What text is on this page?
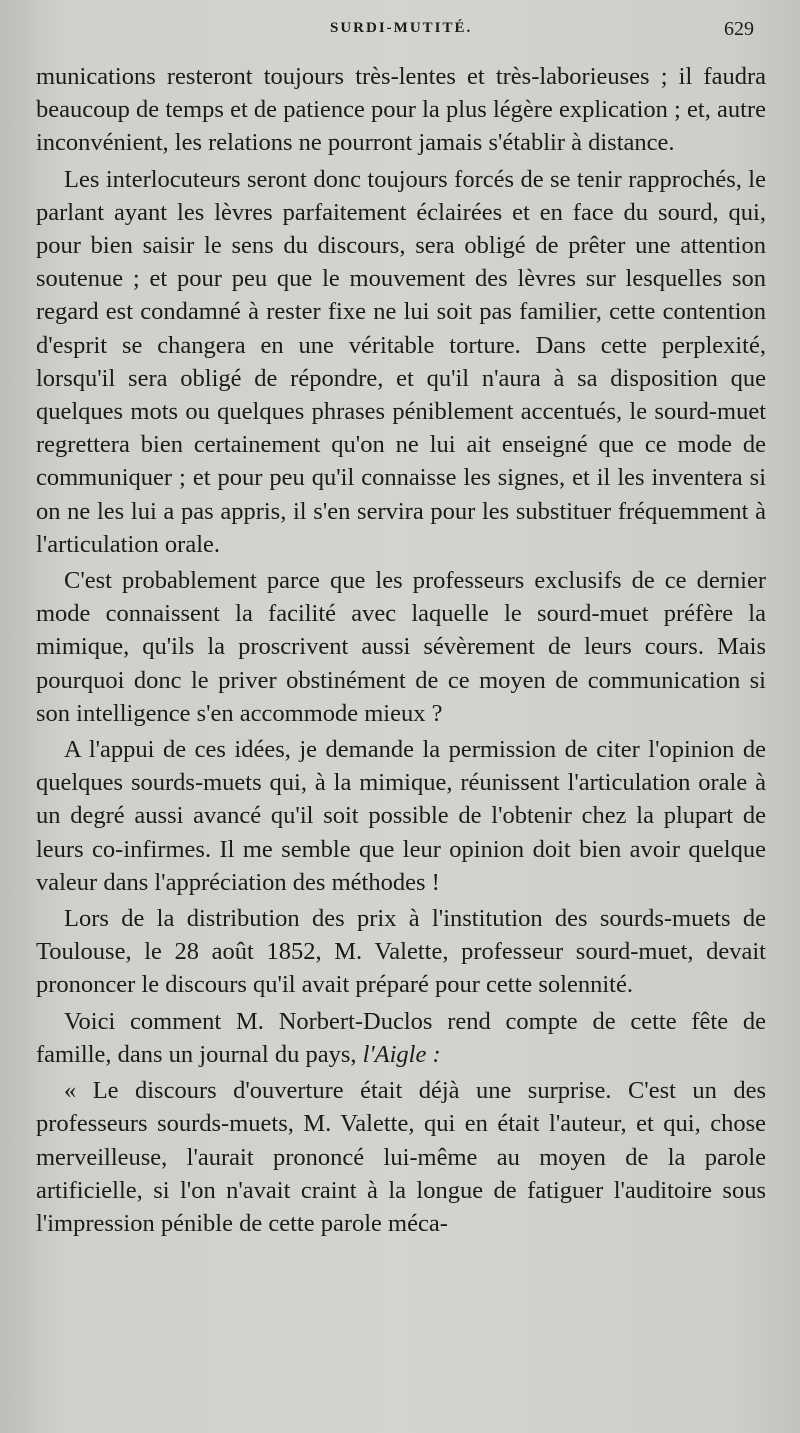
SURDI-MUTITÉ.	629

munications resteront toujours très-lentes et très-laborieuses ; il faudra beaucoup de temps et de patience pour la plus légère explication ; et, autre inconvénient, les relations ne pourront jamais s'établir à distance.

Les interlocuteurs seront donc toujours forcés de se tenir rapprochés, le parlant ayant les lèvres parfaitement éclairées et en face du sourd, qui, pour bien saisir le sens du discours, sera obligé de prêter une attention soutenue ; et pour peu que le mouvement des lèvres sur lesquelles son regard est condamné à rester fixe ne lui soit pas familier, cette contention d'esprit se changera en une véritable torture. Dans cette perplexité, lorsqu'il sera obligé de répondre, et qu'il n'aura à sa disposition que quelques mots ou quelques phrases péniblement accentués, le sourd-muet regrettera bien certainement qu'on ne lui ait enseigné que ce mode de communiquer ; et pour peu qu'il connaisse les signes, et il les inventera si on ne les lui a pas appris, il s'en servira pour les substituer fréquemment à l'articulation orale.

C'est probablement parce que les professeurs exclusifs de ce dernier mode connaissent la facilité avec laquelle le sourd-muet préfère la mimique, qu'ils la proscrivent aussi sévèrement de leurs cours. Mais pourquoi donc le priver obstinément de ce moyen de communication si son intelligence s'en accommode mieux ?

A l'appui de ces idées, je demande la permission de citer l'opinion de quelques sourds-muets qui, à la mimique, réunissent l'articulation orale à un degré aussi avancé qu'il soit possible de l'obtenir chez la plupart de leurs co-infirmes. Il me semble que leur opinion doit bien avoir quelque valeur dans l'appréciation des méthodes !

Lors de la distribution des prix à l'institution des sourds-muets de Toulouse, le 28 août 1852, M. Valette, professeur sourd-muet, devait prononcer le discours qu'il avait préparé pour cette solennité.

Voici comment M. Norbert-Duclos rend compte de cette fête de famille, dans un journal du pays, l'Aigle :

« Le discours d'ouverture était déjà une surprise. C'est un des professeurs sourds-muets, M. Valette, qui en était l'auteur, et qui, chose merveilleuse, l'aurait prononcé lui-même au moyen de la parole artificielle, si l'on n'avait craint à la longue de fatiguer l'auditoire sous l'impression pénible de cette parole méca-
